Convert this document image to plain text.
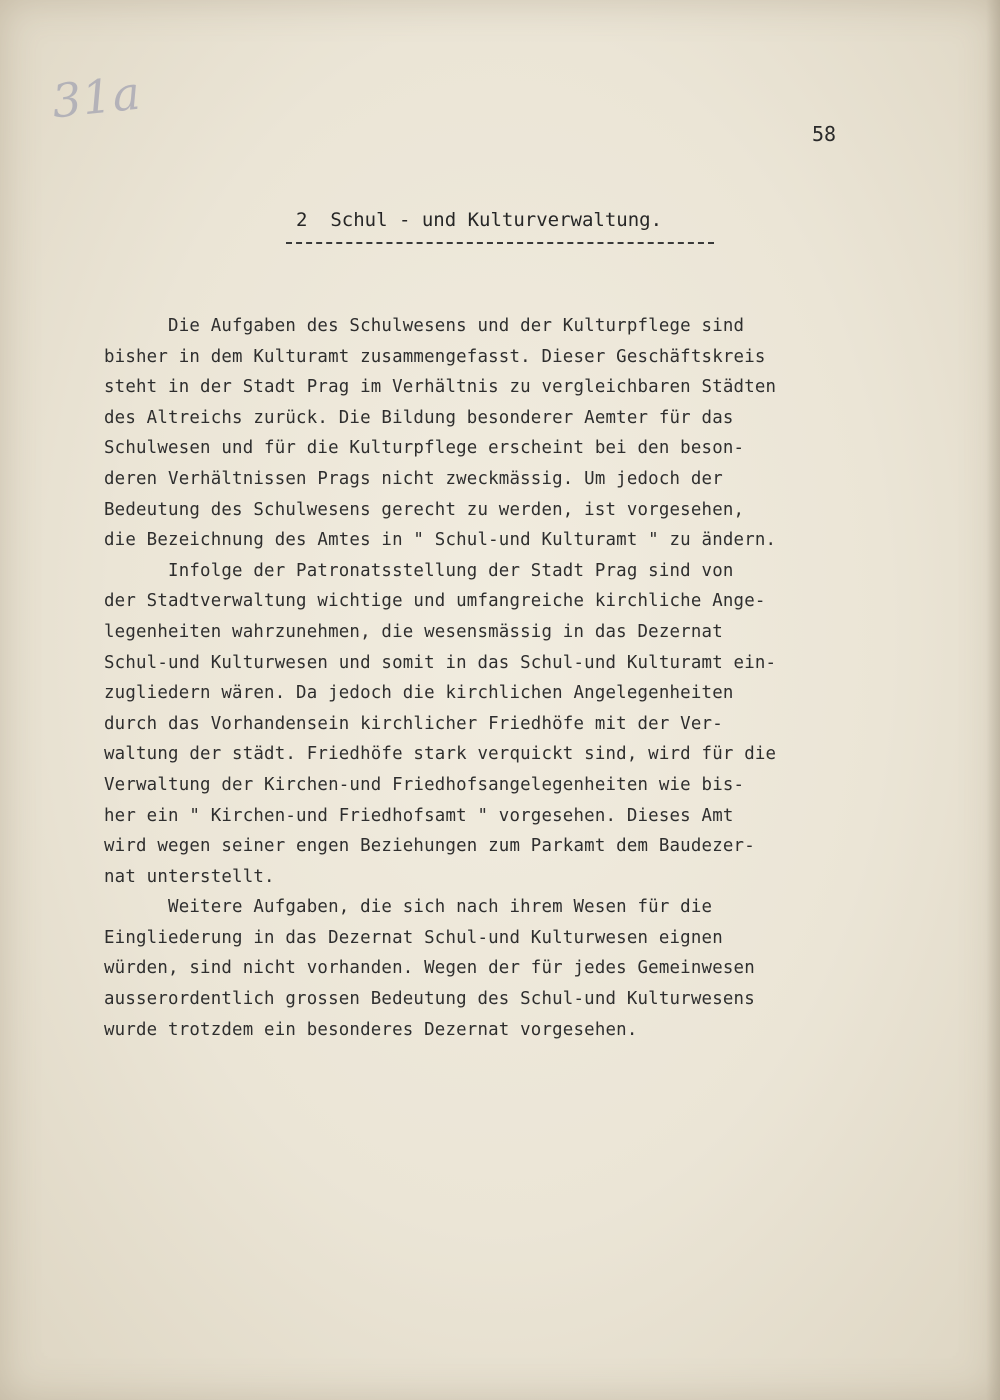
31a
58
2  Schul - und Kulturverwaltung.
Die Aufgaben des Schulwesens und der Kulturpflege sind
bisher in dem Kulturamt zusammengefasst. Dieser Geschäftskreis
steht in der Stadt Prag im Verhältnis zu vergleichbaren Städten
des Altreichs zurück. Die Bildung besonderer Aemter für das
Schulwesen und für die Kulturpflege erscheint bei den beson-
deren Verhältnissen Prags nicht zweckmässig. Um jedoch der
Bedeutung des Schulwesens gerecht zu werden, ist vorgesehen,
die Bezeichnung des Amtes in " Schul-und Kulturamt " zu ändern.
Infolge der Patronatsstellung der Stadt Prag sind von
der Stadtverwaltung wichtige und umfangreiche kirchliche Ange-
legenheiten wahrzunehmen, die wesensmässig in das Dezernat
Schul-und Kulturwesen und somit in das Schul-und Kulturamt ein-
zugliedern wären. Da jedoch die kirchlichen Angelegenheiten
durch das Vorhandensein kirchlicher Friedhöfe mit der Ver-
waltung der städt. Friedhöfe stark verquickt sind, wird für die
Verwaltung der Kirchen-und Friedhofsangelegenheiten wie bis-
her ein " Kirchen-und Friedhofsamt " vorgesehen. Dieses Amt
wird wegen seiner engen Beziehungen zum Parkamt dem Baudezer-
nat unterstellt.
Weitere Aufgaben, die sich nach ihrem Wesen für die
Eingliederung in das Dezernat Schul-und Kulturwesen eignen
würden, sind nicht vorhanden. Wegen der für jedes Gemeinwesen
ausserordentlich grossen Bedeutung des Schul-und Kulturwesens
wurde trotzdem ein besonderes Dezernat vorgesehen.
